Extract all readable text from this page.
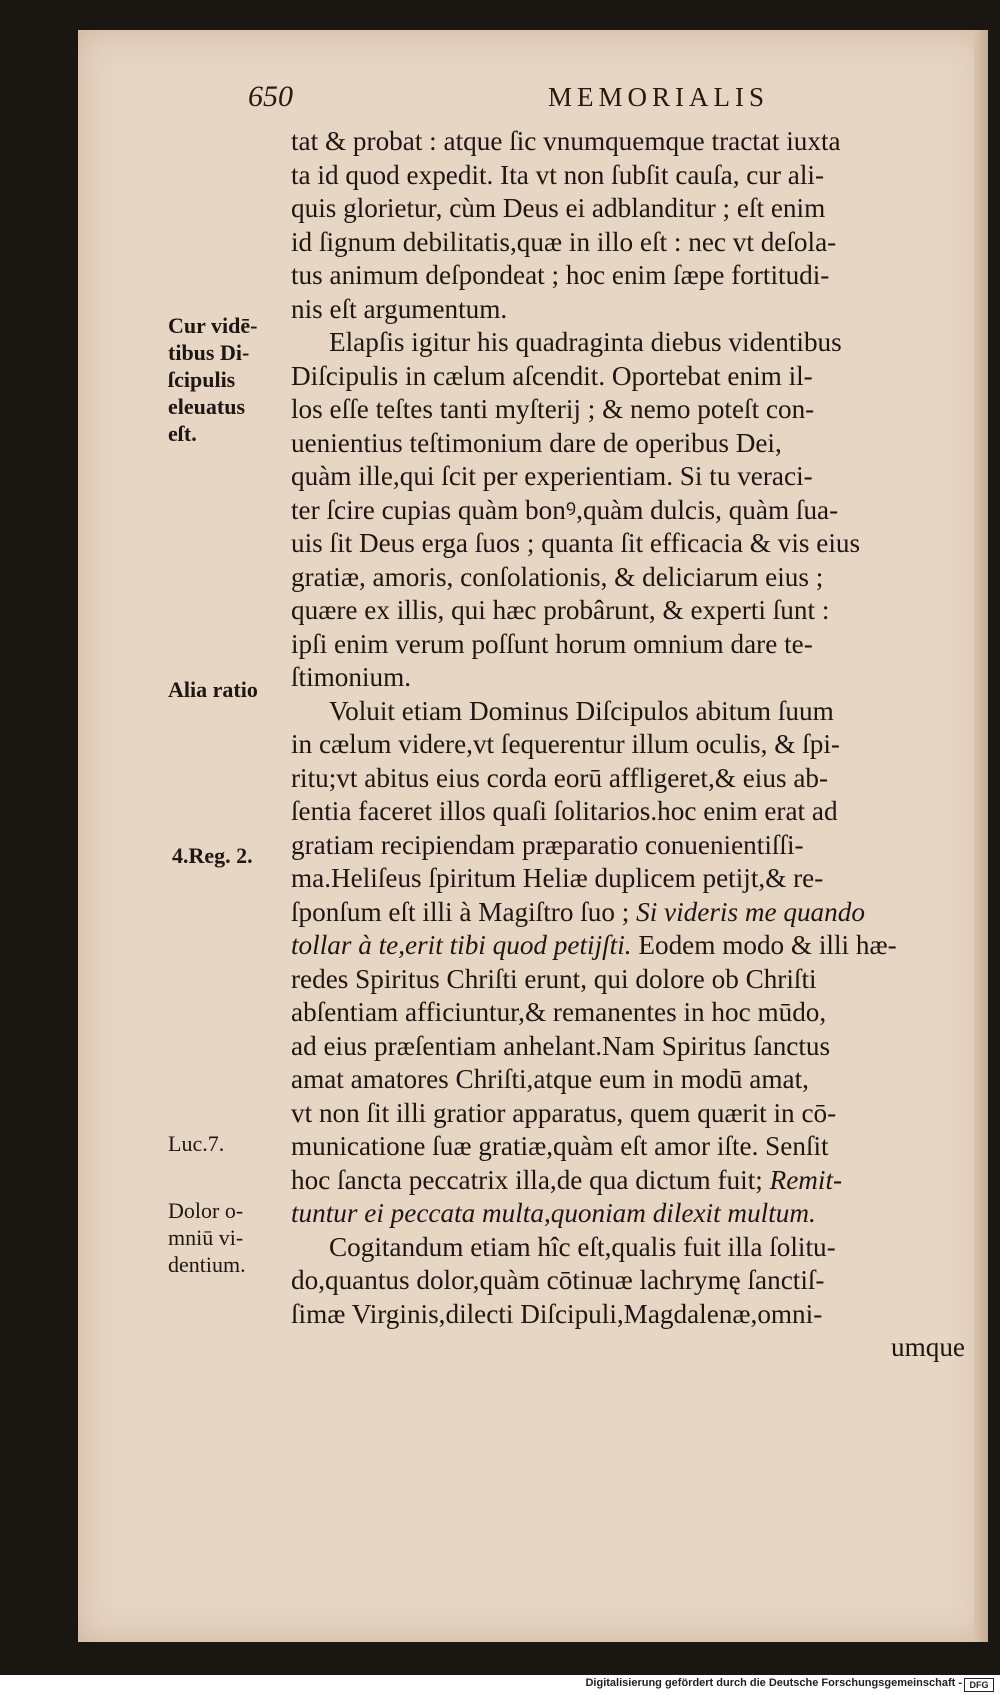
650	MEMORIALIS
Cur vidē-
tibus Di-
ſcipulis
eleuatus
eſt.
Alia ratio
4.Reg. 2.
Luc.7.
Dolor o-
mniū vi-
dentium.
tat & probat : atque ſic vnumquemque tractat iuxta
ta id quod expedit. Ita vt non ſubſit cauſa, cur ali-
quis glorietur, cùm Deus ei adblanditur ; eſt enim
id ſignum debilitatis,quæ in illo eſt : nec vt deſola-
tus animum deſpondeat ; hoc enim ſæpe fortitudi-
nis eſt argumentum.
Elapſis igitur his quadraginta diebus videntibus
Diſcipulis in cælum aſcendit. Oportebat enim il-
los eſſe teſtes tanti myſterij ; & nemo poteſt con-
uenientius teſtimonium dare de operibus Dei,
quàm ille,qui ſcit per experientiam. Si tu veraci-
ter ſcire cupias quàm bonꝰ,quàm dulcis, quàm ſua-
uis ſit Deus erga ſuos ; quanta ſit efficacia & vis eius
gratiæ, amoris, conſolationis, & deliciarum eius ;
quære ex illis, qui hæc probârunt, & experti ſunt :
ipſi enim verum poſſunt horum omnium dare te-
ſtimonium.
Voluit etiam Dominus Diſcipulos abitum ſuum
in cælum videre,vt ſequerentur illum oculis, & ſpi-
ritu;vt abitus eius corda eorū affligeret,& eius ab-
ſentia faceret illos quaſi ſolitarios.hoc enim erat ad
gratiam recipiendam præparatio conuenientiſſi-
ma.Heliſeus ſpiritum Heliæ duplicem petijt,& re-
ſponſum eſt illi à Magiſtro ſuo ; Si videris me quando
tollar à te,erit tibi quod petijſti. Eodem modo & illi hæ-
redes Spiritus Chriſti erunt, qui dolore ob Chriſti
abſentiam afficiuntur,& remanentes in hoc mūdo,
ad eius præſentiam anhelant.Nam Spiritus ſanctus
amat amatores Chriſti,atque eum in modū amat,
vt non ſit illi gratior apparatus, quem quærit in cō-
municatione ſuæ gratiæ,quàm eſt amor iſte. Senſit
hoc ſancta peccatrix illa,de qua dictum fuit; Remit-
tuntur ei peccata multa,quoniam dilexit multum.
Cogitandum etiam hîc eſt,qualis fuit illa ſolitu-
do,quantus dolor,quàm cōtinuæ lachrymę ſanctiſ-
ſimæ Virginis,dilecti Diſcipuli,Magdalenæ,omni-
umque
Digitalisierung gefördert durch die Deutsche Forschungsgemeinschaft - DFG
